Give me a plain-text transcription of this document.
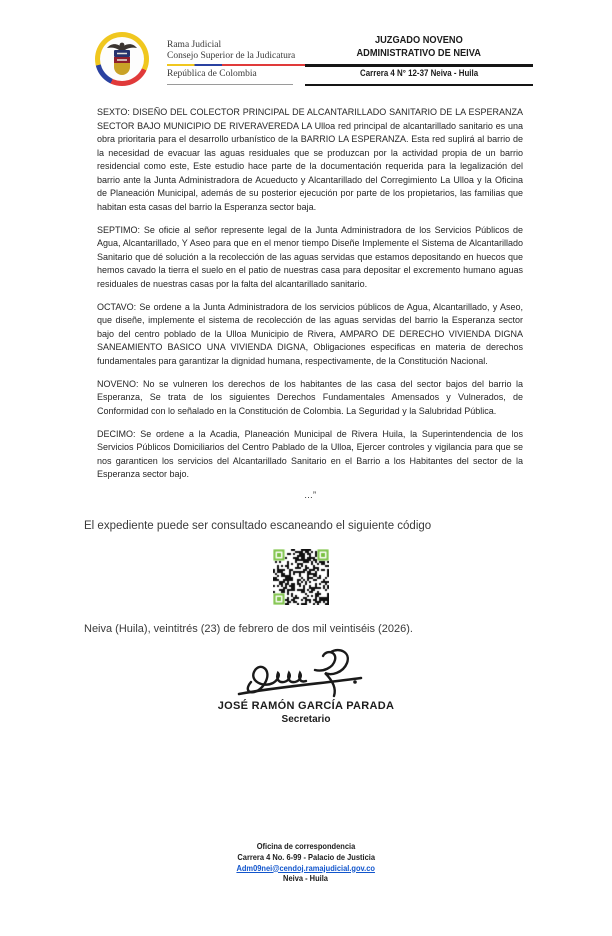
Rama Judicial
Consejo Superior de la Judicatura
República de Colombia
JUZGADO NOVENO
ADMINISTRATIVO DE NEIVA
Carrera 4 N° 12-37 Neiva - Huila

SEXTO: DISEÑO DEL COLECTOR PRINCIPAL DE ALCANTARILLADO SANITARIO DE LA ESPERANZA SECTOR BAJO MUNICIPIO DE RIVERAVEREDA LA Ulloa red principal de alcantarillado sanitario es una obra prioritaria para el desarrollo urbanístico de la BARRIO LA ESPERANZA. Esta red suplirá al barrio de la necesidad de evacuar las aguas residuales que se produzcan por la actividad propia de un barrio residencial como este, Este estudio hace parte de la documentación requerida para la legalización del barrio ante la Junta Administradora de Acueducto y Alcantarillado del Corregimiento La Ulloa y la Oficina de Planeación Municipal, además de su posterior ejecución por parte de los propietarios, las familias que habitan esta casas del barrio la Esperanza sector baja.

SEPTIMO: Se oficie al señor represente legal de la Junta Administradora de los Servicios Públicos de Agua, Alcantarillado, Y Aseo para que en el menor tiempo Diseñe Implemente el Sistema de Alcantarillado Sanitario que dé solución a la recolección de las aguas servidas que estamos depositando en huecos que hemos cavado la tierra el suelo en el patio de nuestras casa para depositar el excremento humano aguas residuales de nuestras casas por la falta del alcantarillado sanitario.

OCTAVO: Se ordene a la Junta Administradora de los servicios públicos de Agua, Alcantarillado, y Aseo, que diseñe, implemente el sistema de recolección de las aguas servidas del barrio la Esperanza sector bajo del centro poblado de la Ulloa Municipio de Rivera, AMPARO DE DERECHO VIVIENDA DIGNA SANEAMIENTO BASICO UNA VIVIENDA DIGNA, Obligaciones especificas en materia de derechos fundamentales para garantizar la dignidad humana, respectivamente, de la Constitución Nacional.

NOVENO: No se vulneren los derechos de los habitantes de las casa del sector bajos del barrio la Esperanza, Se trata de los siguientes Derechos Fundamentales Amensados y Vulnerados, de Conformidad con lo señalado en la Constitución de Colombia. La Seguridad y la Salubridad Pública.

DECIMO: Se ordene a la Acadia, Planeación Municipal de Rivera Huila, la Superintendencia de los Servicios Públicos Domiciliarios del Centro Pablado de la Ulloa, Ejercer controles y vigilancia para que se nos garanticen los servicios del Alcantarillado Sanitario en el Barrio a los Habitantes del sector de la Esperanza sector bajo.

…”
El expediente puede ser consultado escaneando el siguiente código
Neiva (Huila), veintitrés (23) de febrero de dos mil veintiséis (2026).
JOSÉ RAMÓN GARCÍA PARADA
Secretario
Oficina de correspondencia
Carrera 4 No. 6-99 - Palacio de Justicia
Adm09nei@cendoj.ramajudicial.gov.co
Neiva - Huila
